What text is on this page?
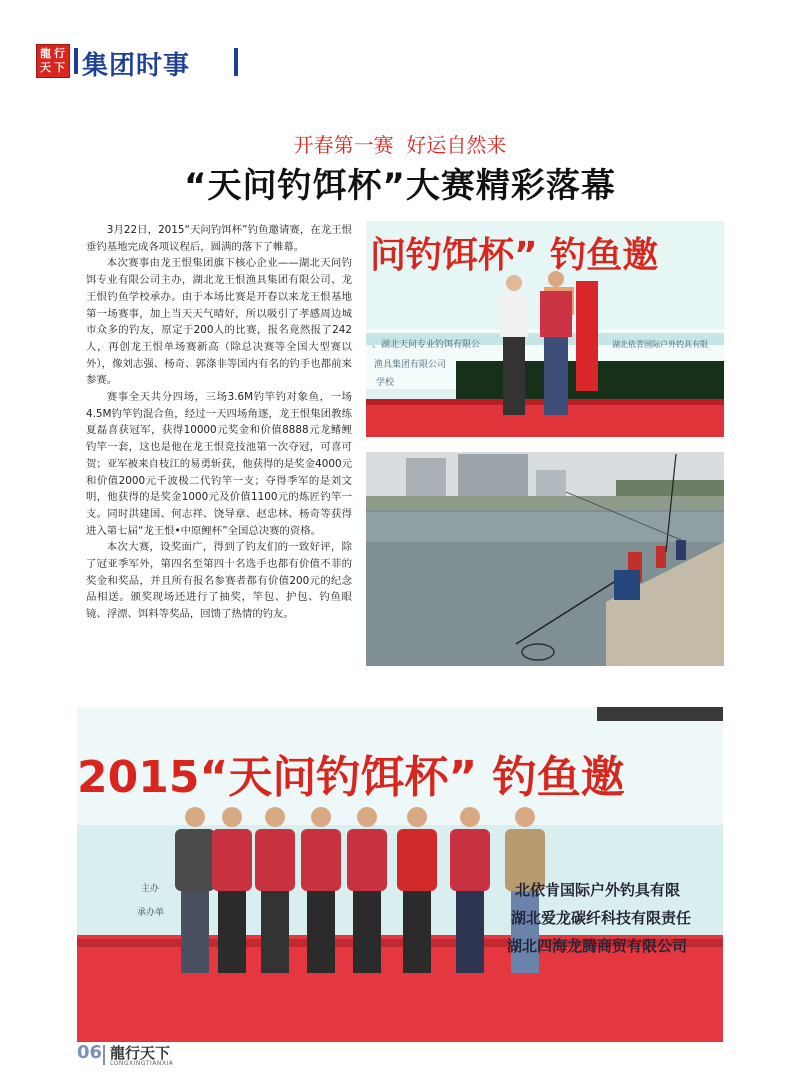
龍 行
天 下 集团时事
开春第一赛  好运自然来
“天问钓饵杯”大赛精彩落幕

3月22日，2015“天问钓饵杯”钓鱼邀请赛，在龙王恨垂钓基地完成各项议程后，圆满的落下了帷幕。

本次赛事由龙王恨集团旗下核心企业——湖北天问钓饵专业有限公司主办，湖北龙王恨渔具集团有限公司、龙王恨钓鱼学校承办。由于本场比赛是开春以来龙王恨基地第一场赛事，加上当天天气晴好，所以吸引了孝感周边城市众多的钓友，原定于200人的比赛，报名竟然报了242人，再创龙王恨单场赛新高（除总决赛等全国大型赛以外），像刘志强、杨奇、郭涤非等国内有名的钓手也都前来参赛。

赛事全天共分四场，三场3.6M钓竿钓对象鱼，一场4.5M钓竿钓混合鱼，经过一天四场角逐，龙王恨集团教练夏磊喜获冠军，获得10000元奖金和价值8888元龙鳍鲤钓竿一套，这也是他在龙王恨竞技池第一次夺冠，可喜可贺；亚军被来自枝江的易勇斩获，他获得的是奖金4000元和价值2000元千波极二代钓竿一支；夺得季军的是刘文明，他获得的是奖金1000元及价值1100元的炼匠钓竿一支。同时洪建国、何志祥、饶导章、赵忠林、杨奇等获得进入第七届“龙王恨•中原鲤杯”全国总决赛的资格。

本次大赛，设奖面广，得到了钓友们的一致好评，除了冠亚季军外，第四名至第四十名选手也都有价值不菲的奖金和奖品，并且所有报名参赛者都有价值200元的纪念品相送。颁奖现场还进行了抽奖，竿包、护包、钓鱼眼镜、浮漂、饵料等奖品，回馈了热情的钓友。

问钓饵杯” 钓鱼邀
、湖北天问专业钓饵有限公	湖北依青国际户外钓具有限
渔具集团有限公司
学校
2015“天问钓饵杯” 钓鱼邀
主办
承办单
北依肯国际户外钓具有限
湖北爱龙碳纤科技有限责任
湖北四海龙腾商贸有限公司
06 龍行天下
LONGXINGTIANXIA
